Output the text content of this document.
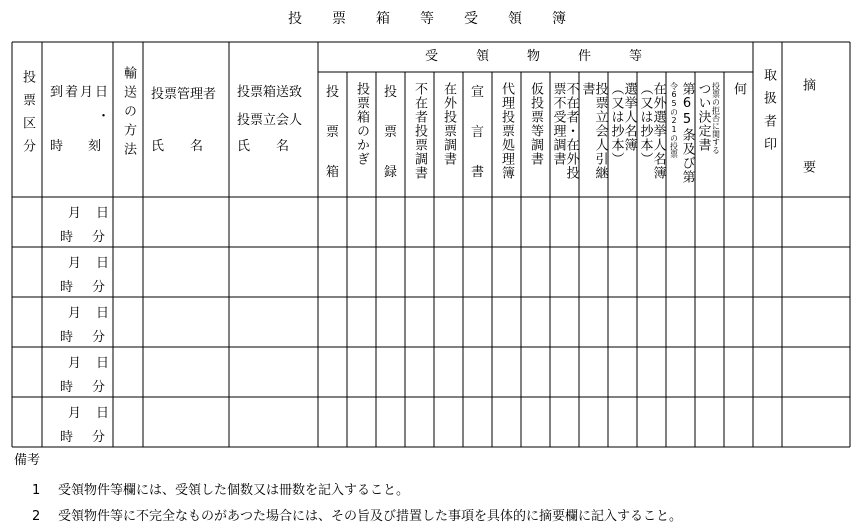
投票箱等受領簿
投票区分 到着月日
・
時　刻	輸送の方法 投票管理者
氏　　名
投票箱送致
投票立会人
氏　　名
受　　領　　物　　件　　等
取扱者印 摘　要
投
票
箱
投票箱のかぎ 投
票
録 不在者投票調書 在外投票調書 宣
言
書 代理投票処理簿 仮投票等調書 不在者・在外投
票不受理調書 投票立会人引継
書 選挙人名簿
（又は抄本） 在外選挙人名簿
（又は抄本） 第65条及び第
令65の21の投票	投票の拒否に関する
つい決定書 何
月 日
時 分
月 日
時 分
月 日
時 分
月 日
時 分
月 日
時 分
備考
1 受領物件等欄には、受領した個数又は冊数を記入すること。
2 受領物件等に不完全なものがあつた場合には、その旨及び措置した事項を具体的に摘要欄に記入すること。
